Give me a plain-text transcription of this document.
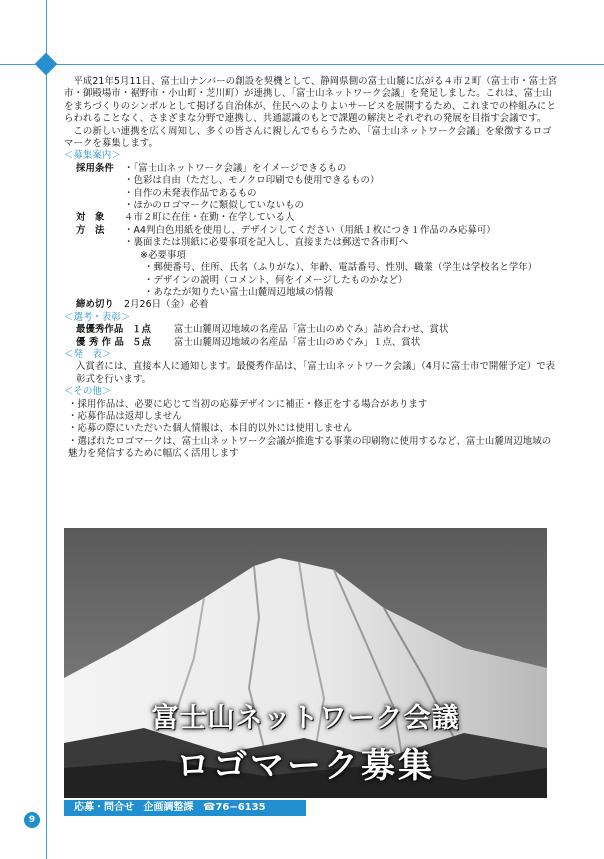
平成21年5月11日、富士山ナンバーの創設を契機として、静岡県側の富士山麓に広がる４市２町（富士市・富士宮市・御殿場市・裾野市・小山町・芝川町）が連携し、「富士山ネットワーク会議」を発足しました。これは、富士山をまちづくりのシンボルとして掲げる自治体が、住民へのよりよいサービスを展開するため、これまでの枠組みにとらわれることなく、さまざまな分野で連携し、共通認識のもとで課題の解決とそれぞれの発展を目指す会議です。

この新しい連携を広く周知し、多くの皆さんに親しんでもらうため、「富士山ネットワーク会議」を象徴するロゴマークを募集します。

＜募集案内＞

採用条件	・「富士山ネットワーク会議」をイメージできるもの

・色彩は自由（ただし、モノクロ印刷でも使用できるもの）

・自作の未発表作品であるもの

・ほかのロゴマークに類似していないもの

対　象	４市２町に在住・在勤・在学している人
方　法	・A4判白色用紙を使用し、デザインしてください（用紙１枚につき１作品のみ応募可）

・裏面または別紙に必要事項を記入し、直接または郵送で各市町へ

※必要事項

・郵便番号、住所、氏名（ふりがな）、年齢、電話番号、性別、職業（学生は学校名と学年）

・デザインの説明（コメント、何をイメージしたものかなど）

・あなたが知りたい富士山麓周辺地域の情報

締め切り	2月26日（金）必着

＜選考・表彰＞

最優秀作品 １点	富士山麓周辺地域の名産品「富士山のめぐみ」詰め合わせ、賞状
優 秀 作 品 ５点	富士山麓周辺地域の名産品「富士山のめぐみ」１点、賞状

＜発　表＞

入賞者には、直接本人に通知します。最優秀作品は、「富士山ネットワーク会議」（4月に富士市で開催予定）で表彰式を行います。

＜その他＞

・採用作品は、必要に応じて当初の応募デザインに補正・修正をする場合があります

・応募作品は返却しません

・応募の際にいただいた個人情報は、本目的以外には使用しません

・選ばれたロゴマークは、富士山ネットワーク会議が推進する事業の印刷物に使用するなど、富士山麓周辺地域の魅力を発信するために幅広く活用します

富士山ネットワーク会議
ロゴマーク募集
応募・問合せ 企画調整課 ☎76−6135
9
